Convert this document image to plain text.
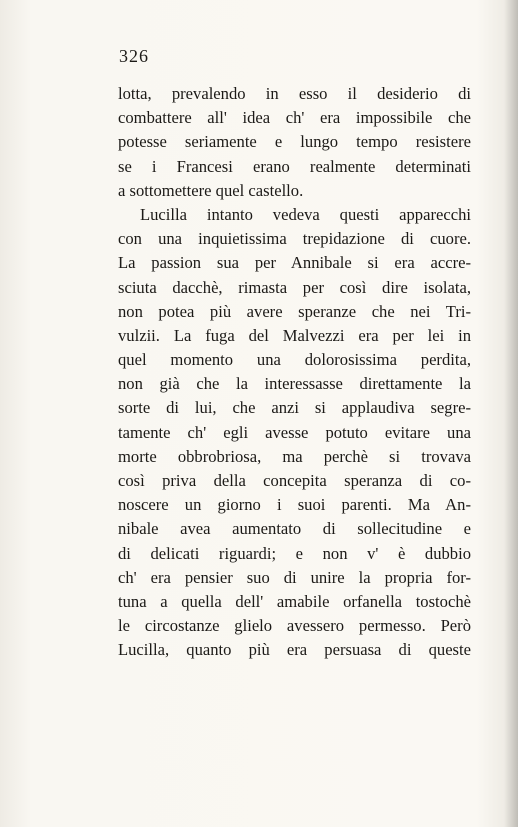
326
lotta, prevalendo in esso il desiderio di
combattere all' idea ch' era impossibile che
potesse seriamente e lungo tempo resistere
se i Francesi erano realmente determinati
a sottomettere quel castello.
Lucilla intanto vedeva questi apparecchi
con una inquietissima trepidazione di cuore.
La passion sua per Annibale si era accre-
sciuta dacchè, rimasta per così dire isolata,
non potea più avere speranze che nei Tri-
vulzii. La fuga del Malvezzi era per lei in
quel momento una dolorosissima perdita,
non già che la interessasse direttamente la
sorte di lui, che anzi si applaudiva segre-
tamente ch' egli avesse potuto evitare una
morte obbrobriosa, ma perchè si trovava
così priva della concepita speranza di co-
noscere un giorno i suoi parenti. Ma An-
nibale avea aumentato di sollecitudine e
di delicati riguardi; e non v' è dubbio
ch' era pensier suo di unire la propria for-
tuna a quella dell' amabile orfanella tostochè
le circostanze glielo avessero permesso. Però
Lucilla, quanto più era persuasa di queste
